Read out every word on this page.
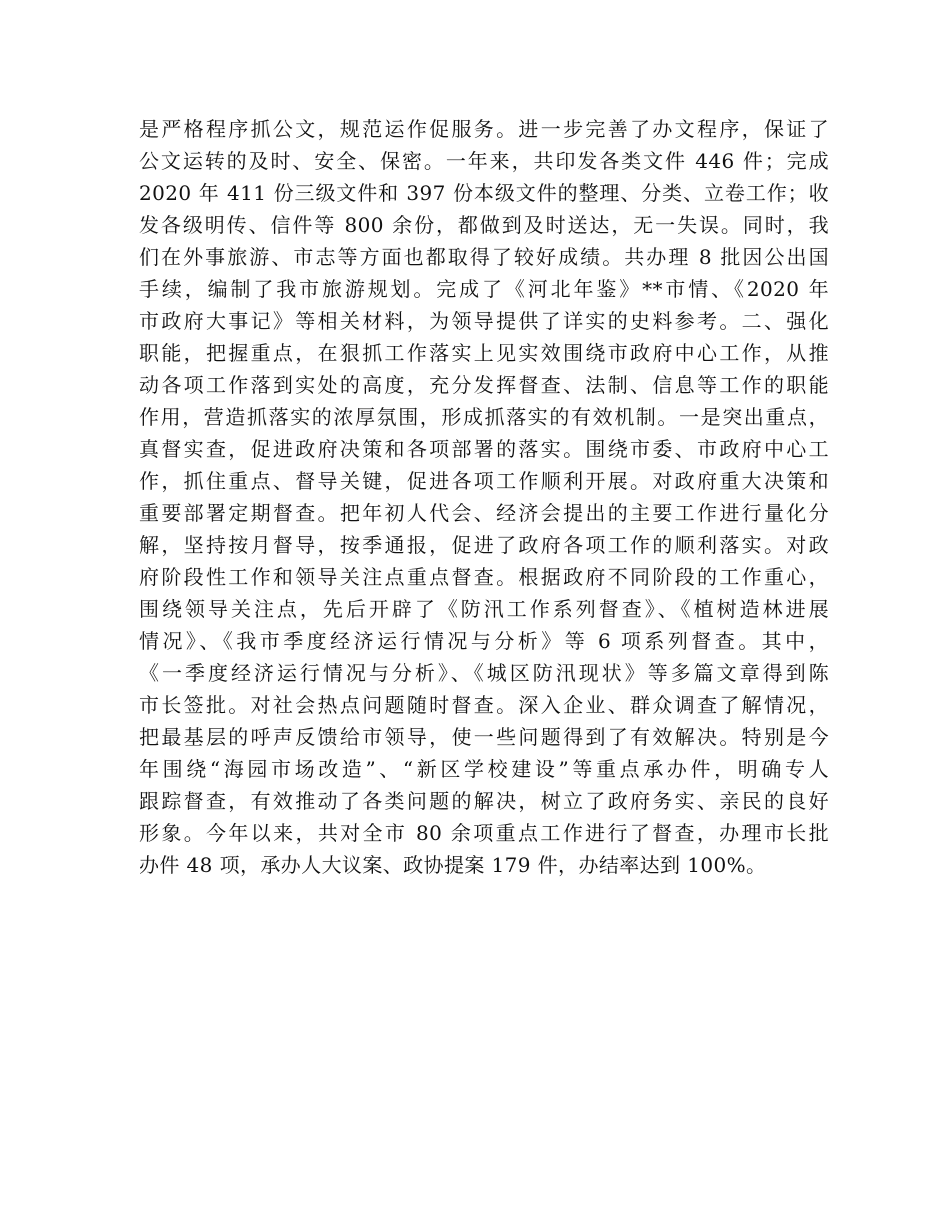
是严格程序抓公文，规范运作促服务。进一步完善了办文程序，保证了
公文运转的及时、安全、保密。一年来，共印发各类文件 446 件；完成
2020 年 411 份三级文件和 397 份本级文件的整理、分类、立卷工作；收
发各级明传、信件等 800 余份，都做到及时送达，无一失误。同时，我
们在外事旅游、市志等方面也都取得了较好成绩。共办理 8 批因公出国
手续，编制了我市旅游规划。完成了《河北年鉴》**市情、《2020 年
市政府大事记》等相关材料，为领导提供了详实的史料参考。二、强化
职能，把握重点，在狠抓工作落实上见实效围绕市政府中心工作，从推
动各项工作落到实处的高度，充分发挥督查、法制、信息等工作的职能
作用，营造抓落实的浓厚氛围，形成抓落实的有效机制。一是突出重点，
真督实查，促进政府决策和各项部署的落实。围绕市委、市政府中心工
作，抓住重点、督导关键，促进各项工作顺利开展。对政府重大决策和
重要部署定期督查。把年初人代会、经济会提出的主要工作进行量化分
解，坚持按月督导，按季通报，促进了政府各项工作的顺利落实。对政
府阶段性工作和领导关注点重点督查。根据政府不同阶段的工作重心，
围绕领导关注点，先后开辟了《防汛工作系列督查》、《植树造林进展
情况》、《我市季度经济运行情况与分析》等 6 项系列督查。其中，
《一季度经济运行情况与分析》、《城区防汛现状》等多篇文章得到陈
市长签批。对社会热点问题随时督查。深入企业、群众调查了解情况，
把最基层的呼声反馈给市领导，使一些问题得到了有效解决。特别是今
年围绕“海园市场改造”、“新区学校建设”等重点承办件，明确专人
跟踪督查，有效推动了各类问题的解决，树立了政府务实、亲民的良好
形象。今年以来，共对全市 80 余项重点工作进行了督查，办理市长批
办件 48 项，承办人大议案、政协提案 179 件，办结率达到 100%。
